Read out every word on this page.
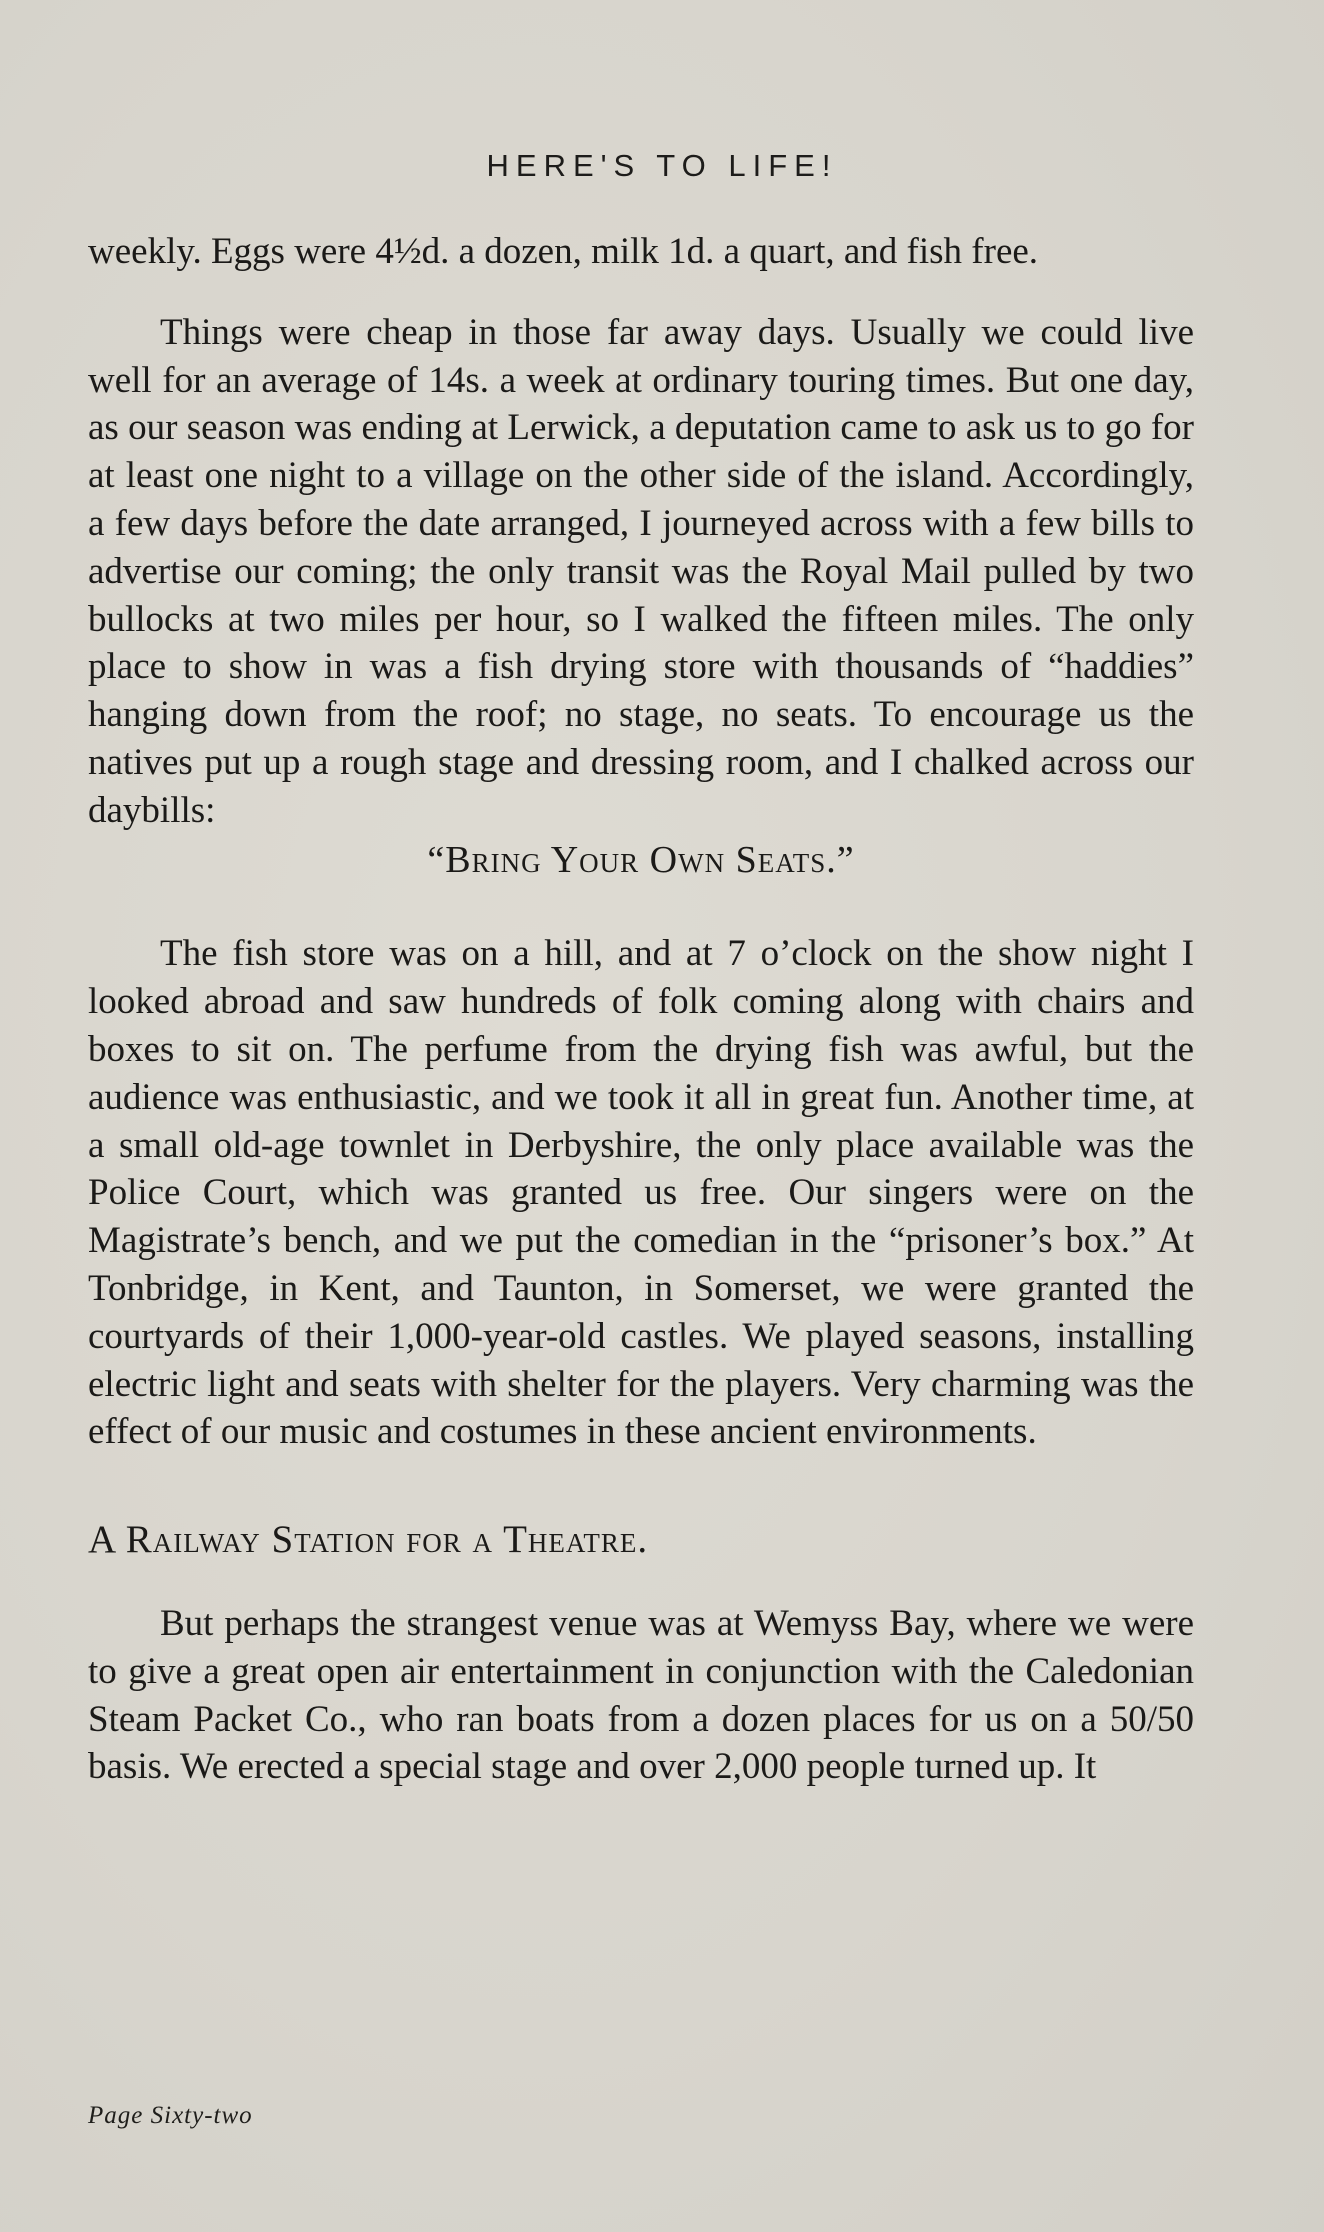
HERE'S TO LIFE!

weekly. Eggs were 4½d. a dozen, milk 1d. a quart, and fish free.

Things were cheap in those far away days. Usually we could live well for an average of 14s. a week at ordinary touring times. But one day, as our season was ending at Lerwick, a deputation came to ask us to go for at least one night to a village on the other side of the island. Accordingly, a few days before the date arranged, I journeyed across with a few bills to advertise our coming; the only transit was the Royal Mail pulled by two bullocks at two miles per hour, so I walked the fifteen miles. The only place to show in was a fish drying store with thousands of “haddies” hanging down from the roof; no stage, no seats. To encourage us the natives put up a rough stage and dressing room, and I chalked across our daybills:

“Bring Your Own Seats.”

The fish store was on a hill, and at 7 o’clock on the show night I looked abroad and saw hundreds of folk coming along with chairs and boxes to sit on. The perfume from the drying fish was awful, but the audience was enthusiastic, and we took it all in great fun. Another time, at a small old-age townlet in Derbyshire, the only place available was the Police Court, which was granted us free. Our singers were on the Magistrate’s bench, and we put the comedian in the “prisoner’s box.” At Tonbridge, in Kent, and Taunton, in Somerset, we were granted the courtyards of their 1,000-year-old castles. We played seasons, installing electric light and seats with shelter for the players. Very charming was the effect of our music and costumes in these ancient environments.

A Railway Station for a Theatre.

But perhaps the strangest venue was at Wemyss Bay, where we were to give a great open air entertainment in conjunction with the Caledonian Steam Packet Co., who ran boats from a dozen places for us on a 50/50 basis. We erected a special stage and over 2,000 people turned up. It

Page Sixty-two
